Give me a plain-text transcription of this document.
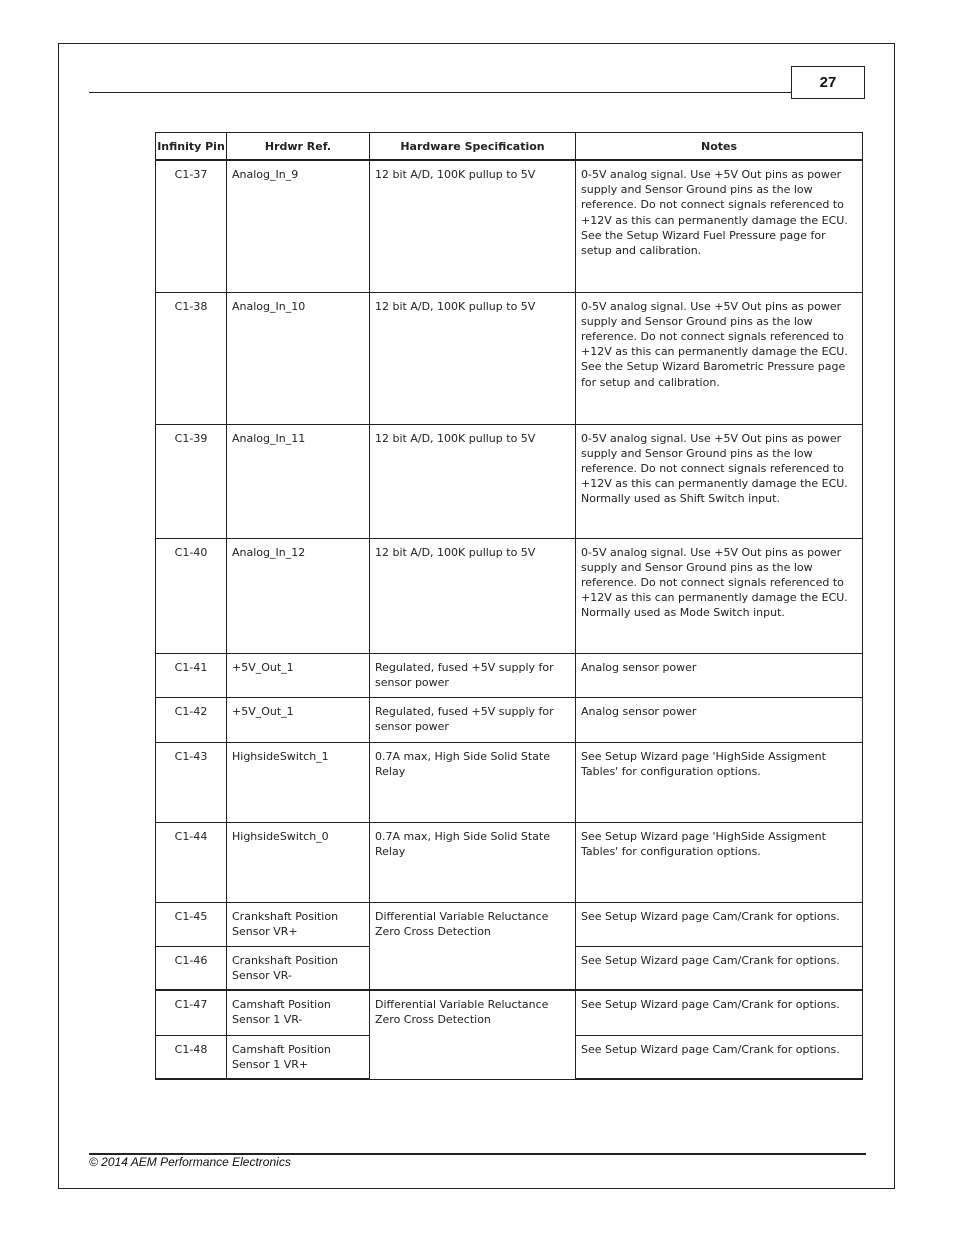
27
Infinity Pin	Hrdwr Ref.	Hardware Specification	Notes

C1-37	Analog_In_9	12 bit A/D, 100K pullup to 5V	0-5V analog signal. Use +5V Out pins as power supply and Sensor Ground pins as the low reference. Do not connect signals referenced to +12V as this can permanently damage the ECU. See the Setup Wizard Fuel Pressure page for setup and calibration.

C1-38	Analog_In_10	12 bit A/D, 100K pullup to 5V	0-5V analog signal. Use +5V Out pins as power supply and Sensor Ground pins as the low reference. Do not connect signals referenced to +12V as this can permanently damage the ECU. See the Setup Wizard Barometric Pressure page for setup and calibration.

C1-39	Analog_In_11	12 bit A/D, 100K pullup to 5V	0-5V analog signal. Use +5V Out pins as power supply and Sensor Ground pins as the low reference. Do not connect signals referenced to +12V as this can permanently damage the ECU. Normally used as Shift Switch input.

C1-40	Analog_In_12	12 bit A/D, 100K pullup to 5V	0-5V analog signal. Use +5V Out pins as power supply and Sensor Ground pins as the low reference. Do not connect signals referenced to +12V as this can permanently damage the ECU. Normally used as Mode Switch input.

C1-41	+5V_Out_1	Regulated, fused +5V supply for sensor power	Analog sensor power

C1-42	+5V_Out_1	Regulated, fused +5V supply for sensor power	Analog sensor power

C1-43	HighsideSwitch_1	0.7A max, High Side Solid State Relay	See Setup Wizard page 'HighSide Assigment Tables' for configuration options.

C1-44	HighsideSwitch_0	0.7A max, High Side Solid State Relay	See Setup Wizard page 'HighSide Assigment Tables' for configuration options.

C1-45	Crankshaft Position Sensor VR+	Differential Variable Reluctance Zero Cross Detection	See Setup Wizard page Cam/Crank for options.

C1-46	Crankshaft Position Sensor VR-		See Setup Wizard page Cam/Crank for options.

C1-47	Camshaft Position Sensor 1 VR-	Differential Variable Reluctance Zero Cross Detection	See Setup Wizard page Cam/Crank for options.

C1-48	Camshaft Position Sensor 1 VR+		See Setup Wizard page Cam/Crank for options.
© 2014 AEM Performance Electronics
